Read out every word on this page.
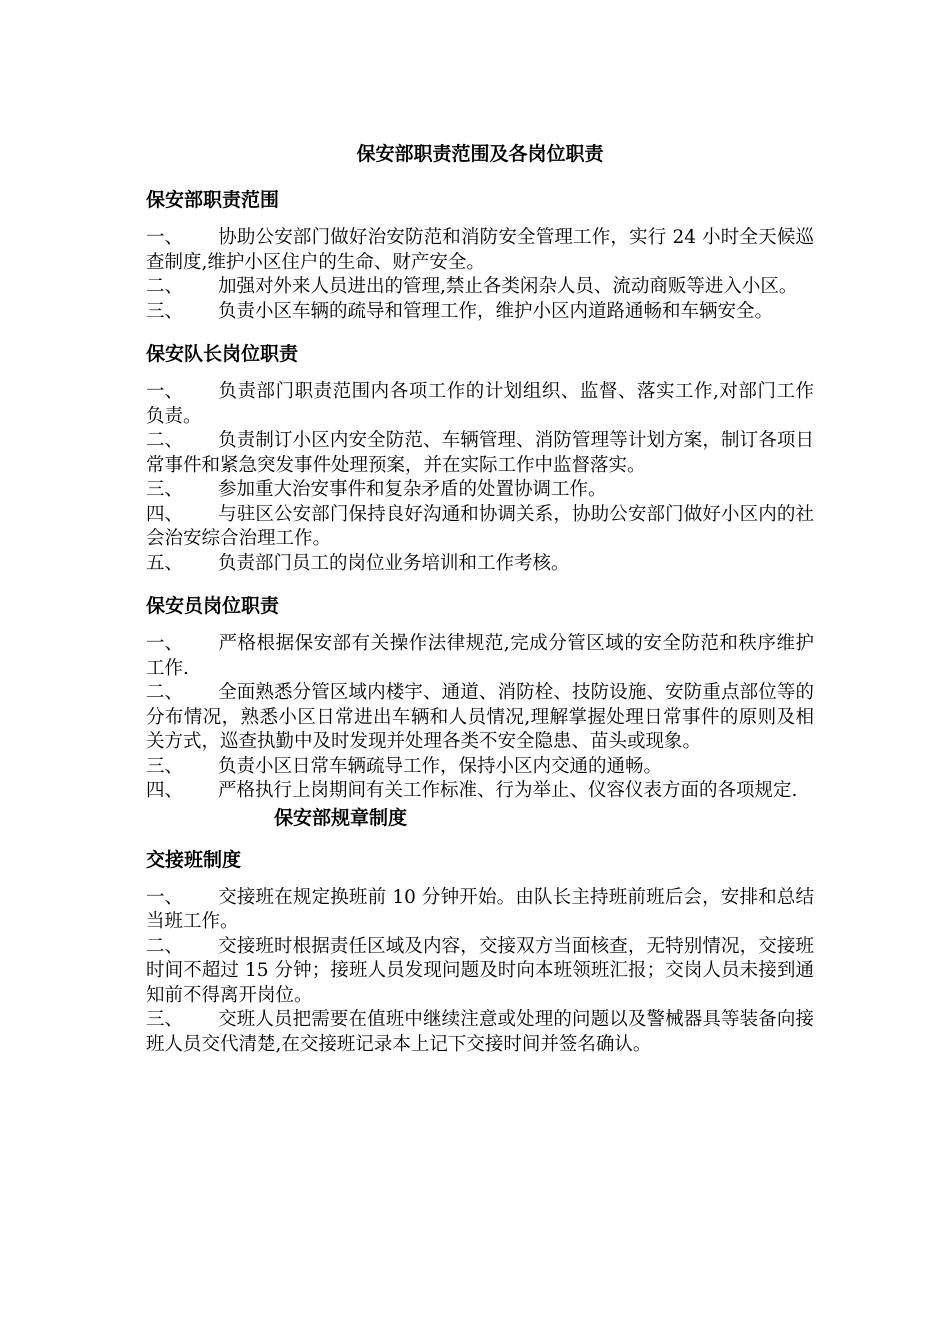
保安部职责范围及各岗位职责
保安部职责范围

一、 协助公安部门做好治安防范和消防安全管理工作，实行 24 小时全天候巡查制度,维护小区住户的生命、财产安全。

二、 加强对外来人员进出的管理,禁止各类闲杂人员、流动商贩等进入小区。

三、 负责小区车辆的疏导和管理工作，维护小区内道路通畅和车辆安全。

保安队长岗位职责

一、 负责部门职责范围内各项工作的计划组织、监督、落实工作,对部门工作负责。

二、 负责制订小区内安全防范、车辆管理、消防管理等计划方案，制订各项日常事件和紧急突发事件处理预案，并在实际工作中监督落实。

三、 参加重大治安事件和复杂矛盾的处置协调工作。

四、 与驻区公安部门保持良好沟通和协调关系，协助公安部门做好小区内的社会治安综合治理工作。

五、 负责部门员工的岗位业务培训和工作考核。

保安员岗位职责

一、 严格根据保安部有关操作法律规范,完成分管区域的安全防范和秩序维护工作.

二、 全面熟悉分管区域内楼宇、通道、消防栓、技防设施、安防重点部位等的分布情况，熟悉小区日常进出车辆和人员情况,理解掌握处理日常事件的原则及相关方式，巡查执勤中及时发现并处理各类不安全隐患、苗头或现象。

三、 负责小区日常车辆疏导工作，保持小区内交通的通畅。

四、 严格执行上岗期间有关工作标准、行为举止、仪容仪表方面的各项规定.

保安部规章制度
交接班制度

一、 交接班在规定换班前 10 分钟开始。由队长主持班前班后会，安排和总结当班工作。

二、 交接班时根据责任区域及内容，交接双方当面核查，无特别情况，交接班时间不超过 15 分钟；接班人员发现问题及时向本班领班汇报；交岗人员未接到通知前不得离开岗位。

三、 交班人员把需要在值班中继续注意或处理的问题以及警械器具等装备向接班人员交代清楚,在交接班记录本上记下交接时间并签名确认。
